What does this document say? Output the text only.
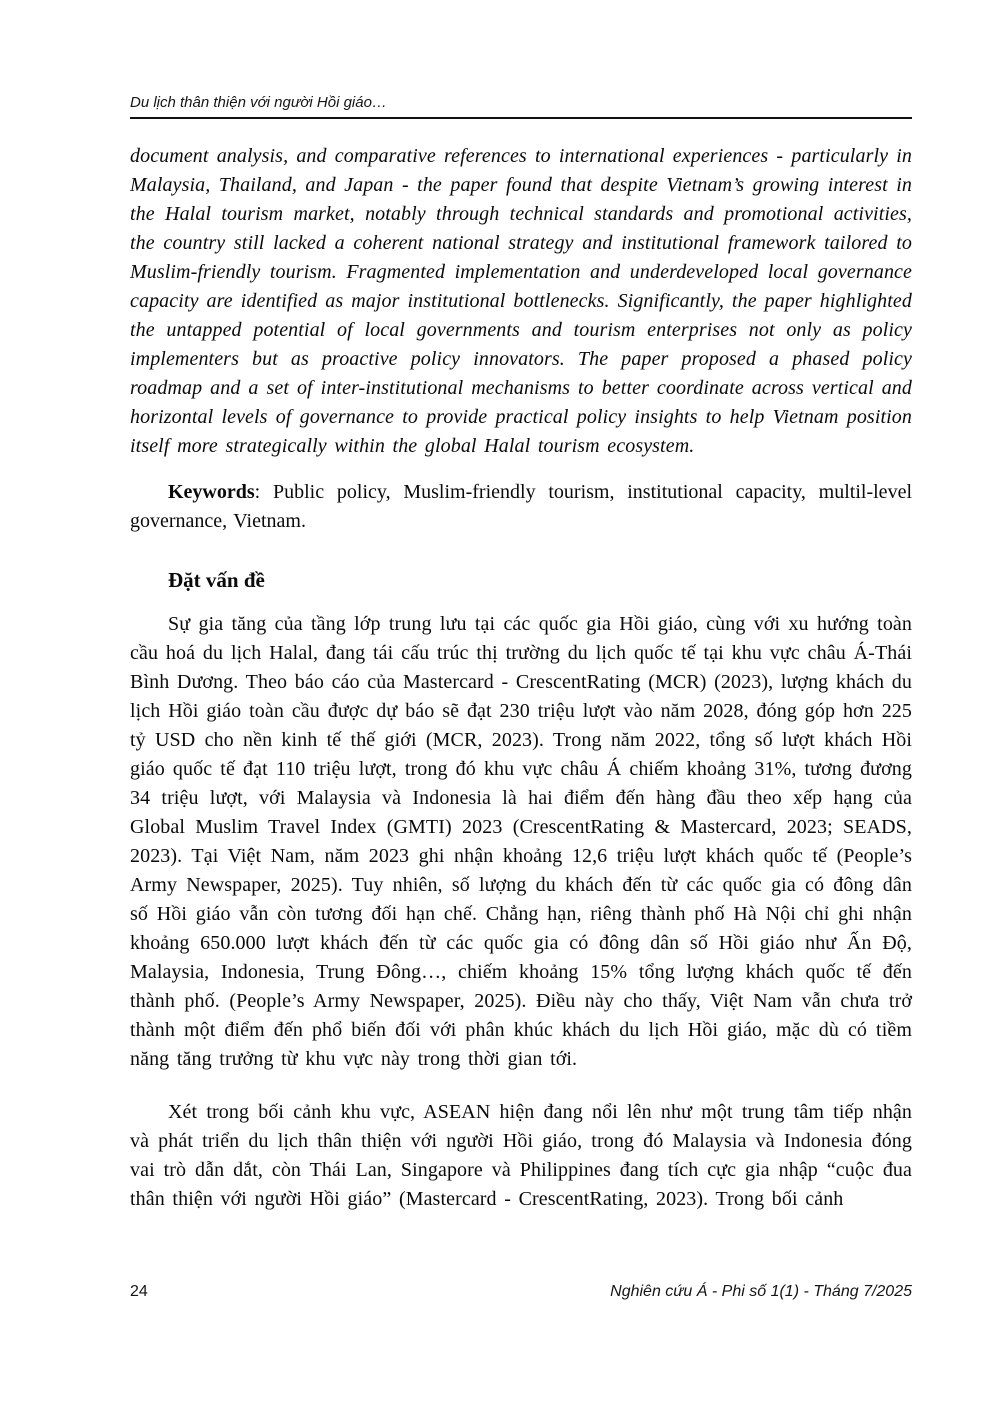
Du lịch thân thiện với người Hồi giáo…

document analysis, and comparative references to international experiences - particularly in Malaysia, Thailand, and Japan - the paper found that despite Vietnam’s growing interest in the Halal tourism market, notably through technical standards and promotional activities, the country still lacked a coherent national strategy and institutional framework tailored to Muslim-friendly tourism. Fragmented implementation and underdeveloped local governance capacity are identified as major institutional bottlenecks. Significantly, the paper highlighted the untapped potential of local governments and tourism enterprises not only as policy implementers but as proactive policy innovators. The paper proposed a phased policy roadmap and a set of inter-institutional mechanisms to better coordinate across vertical and horizontal levels of governance to provide practical policy insights to help Vietnam position itself more strategically within the global Halal tourism ecosystem.

Keywords: Public policy, Muslim-friendly tourism, institutional capacity, multil-level governance, Vietnam.

Đặt vấn đề

Sự gia tăng của tầng lớp trung lưu tại các quốc gia Hồi giáo, cùng với xu hướng toàn cầu hoá du lịch Halal, đang tái cấu trúc thị trường du lịch quốc tế tại khu vực châu Á-Thái Bình Dương. Theo báo cáo của Mastercard - CrescentRating (MCR) (2023), lượng khách du lịch Hồi giáo toàn cầu được dự báo sẽ đạt 230 triệu lượt vào năm 2028, đóng góp hơn 225 tỷ USD cho nền kinh tế thế giới (MCR, 2023). Trong năm 2022, tổng số lượt khách Hồi giáo quốc tế đạt 110 triệu lượt, trong đó khu vực châu Á chiếm khoảng 31%, tương đương 34 triệu lượt, với Malaysia và Indonesia là hai điểm đến hàng đầu theo xếp hạng của Global Muslim Travel Index (GMTI) 2023 (CrescentRating & Mastercard, 2023; SEADS, 2023). Tại Việt Nam, năm 2023 ghi nhận khoảng 12,6 triệu lượt khách quốc tế (People’s Army Newspaper, 2025). Tuy nhiên, số lượng du khách đến từ các quốc gia có đông dân số Hồi giáo vẫn còn tương đối hạn chế. Chẳng hạn, riêng thành phố Hà Nội chỉ ghi nhận khoảng 650.000 lượt khách đến từ các quốc gia có đông dân số Hồi giáo như Ấn Độ, Malaysia, Indonesia, Trung Đông…, chiếm khoảng 15% tổng lượng khách quốc tế đến thành phố. (People’s Army Newspaper, 2025). Điều này cho thấy, Việt Nam vẫn chưa trở thành một điểm đến phổ biến đối với phân khúc khách du lịch Hồi giáo, mặc dù có tiềm năng tăng trưởng từ khu vực này trong thời gian tới.

Xét trong bối cảnh khu vực, ASEAN hiện đang nổi lên như một trung tâm tiếp nhận và phát triển du lịch thân thiện với người Hồi giáo, trong đó Malaysia và Indonesia đóng vai trò dẫn dắt, còn Thái Lan, Singapore và Philippines đang tích cực gia nhập “cuộc đua thân thiện với người Hồi giáo” (Mastercard - CrescentRating, 2023). Trong bối cảnh

24	Nghiên cứu Á - Phi số 1(1) - Tháng 7/2025
